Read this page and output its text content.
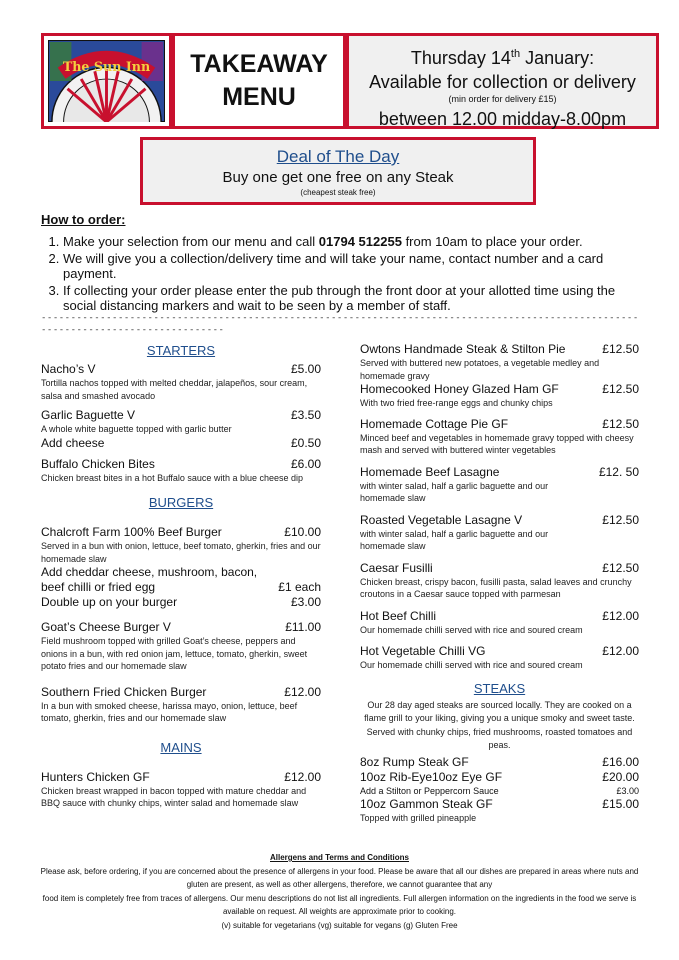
The Sun Inn TAKEAWAY
MENU
Thursday 14th January:
Available for collection or delivery
(min order for delivery £15)
between 12.00 midday-8.00pm
Deal of The Day
Buy one get one free on any Steak
(cheapest steak free)
How to order:
1. Make your selection from our menu and call 01794 512255 from 10am to place your order.
2. We will give you a collection/delivery time and will take your name, contact number and a card payment.
3. If collecting your order please enter the pub through the front door at your allotted time using the social distancing markers and wait to be seen by a member of staff.
------------------------------------------------------------------------------------------------------------------------------------
STARTERS
Nacho’s V	£5.00
Tortilla nachos topped with melted cheddar, jalapeños, sour cream, salsa and smashed avocado
Garlic Baguette V	£3.50
A whole white baguette topped with garlic butter
Add cheese	£0.50
Buffalo Chicken Bites	£6.00
Chicken breast bites in a hot Buffalo sauce with a blue cheese dip
BURGERS
Chalcroft Farm 100% Beef Burger	£10.00
Served in a bun with onion, lettuce, beef tomato, gherkin, fries and our homemade slaw
Add cheddar cheese, mushroom, bacon,
beef chilli or fried egg	£1 each
Double up on your burger	£3.00
Goat’s Cheese Burger V	£11.00
Field mushroom topped with grilled Goat’s cheese, peppers and onions in a bun, with red onion jam, lettuce, tomato, gherkin, sweet potato fries and our homemade slaw
Southern Fried Chicken Burger	£12.00
In a bun with smoked cheese, harissa mayo, onion, lettuce, beef tomato, gherkin, fries and our homemade slaw
MAINS
Hunters Chicken GF	£12.00
Chicken breast wrapped in bacon topped with mature cheddar and BBQ sauce with chunky chips, winter salad and homemade slaw
Owtons Handmade Steak & Stilton Pie	£12.50
Served with buttered new potatoes, a vegetable medley and homemade gravy
Homecooked Honey Glazed Ham GF	£12.50
With two fried free-range eggs and chunky chips
Homemade Cottage Pie GF	£12.50
Minced beef and vegetables in homemade gravy topped with cheesy mash and served with buttered winter vegetables
Homemade Beef Lasagne	£12. 50
with winter salad, half a garlic baguette and our homemade slaw
Roasted Vegetable Lasagne V	£12.50
with winter salad, half a garlic baguette and our homemade slaw
Caesar Fusilli	£12.50
Chicken breast, crispy bacon, fusilli pasta, salad leaves and crunchy croutons in a Caesar sauce topped with parmesan
Hot Beef Chilli	£12.00
Our homemade chilli served with rice and soured cream
Hot Vegetable Chilli VG	£12.00
Our homemade chilli served with rice and soured cream
STEAKS
Our 28 day aged steaks are sourced locally. They are cooked on a flame grill to your liking, giving you a unique smoky and sweet taste. Served with chunky chips, fried mushrooms, roasted tomatoes and peas.
8oz Rump Steak GF	£16.00
10oz Rib-Eye10oz Eye GF	£20.00
Add a Stilton or Peppercorn Sauce	£3.00
10oz Gammon Steak GF	£15.00
Topped with grilled pineapple
Allergens and Terms and Conditions
Please ask, before ordering, if you are concerned about the presence of allergens in your food. Please be aware that all our dishes are prepared in areas where nuts and gluten are present, as well as other allergens, therefore, we cannot guarantee that any
food item is completely free from traces of allergens. Our menu descriptions do not list all ingredients. Full allergen information on the ingredients in the food we serve is available on request. All weights are approximate prior to cooking.
(v) suitable for vegetarians (vg) suitable for vegans (g) Gluten Free
